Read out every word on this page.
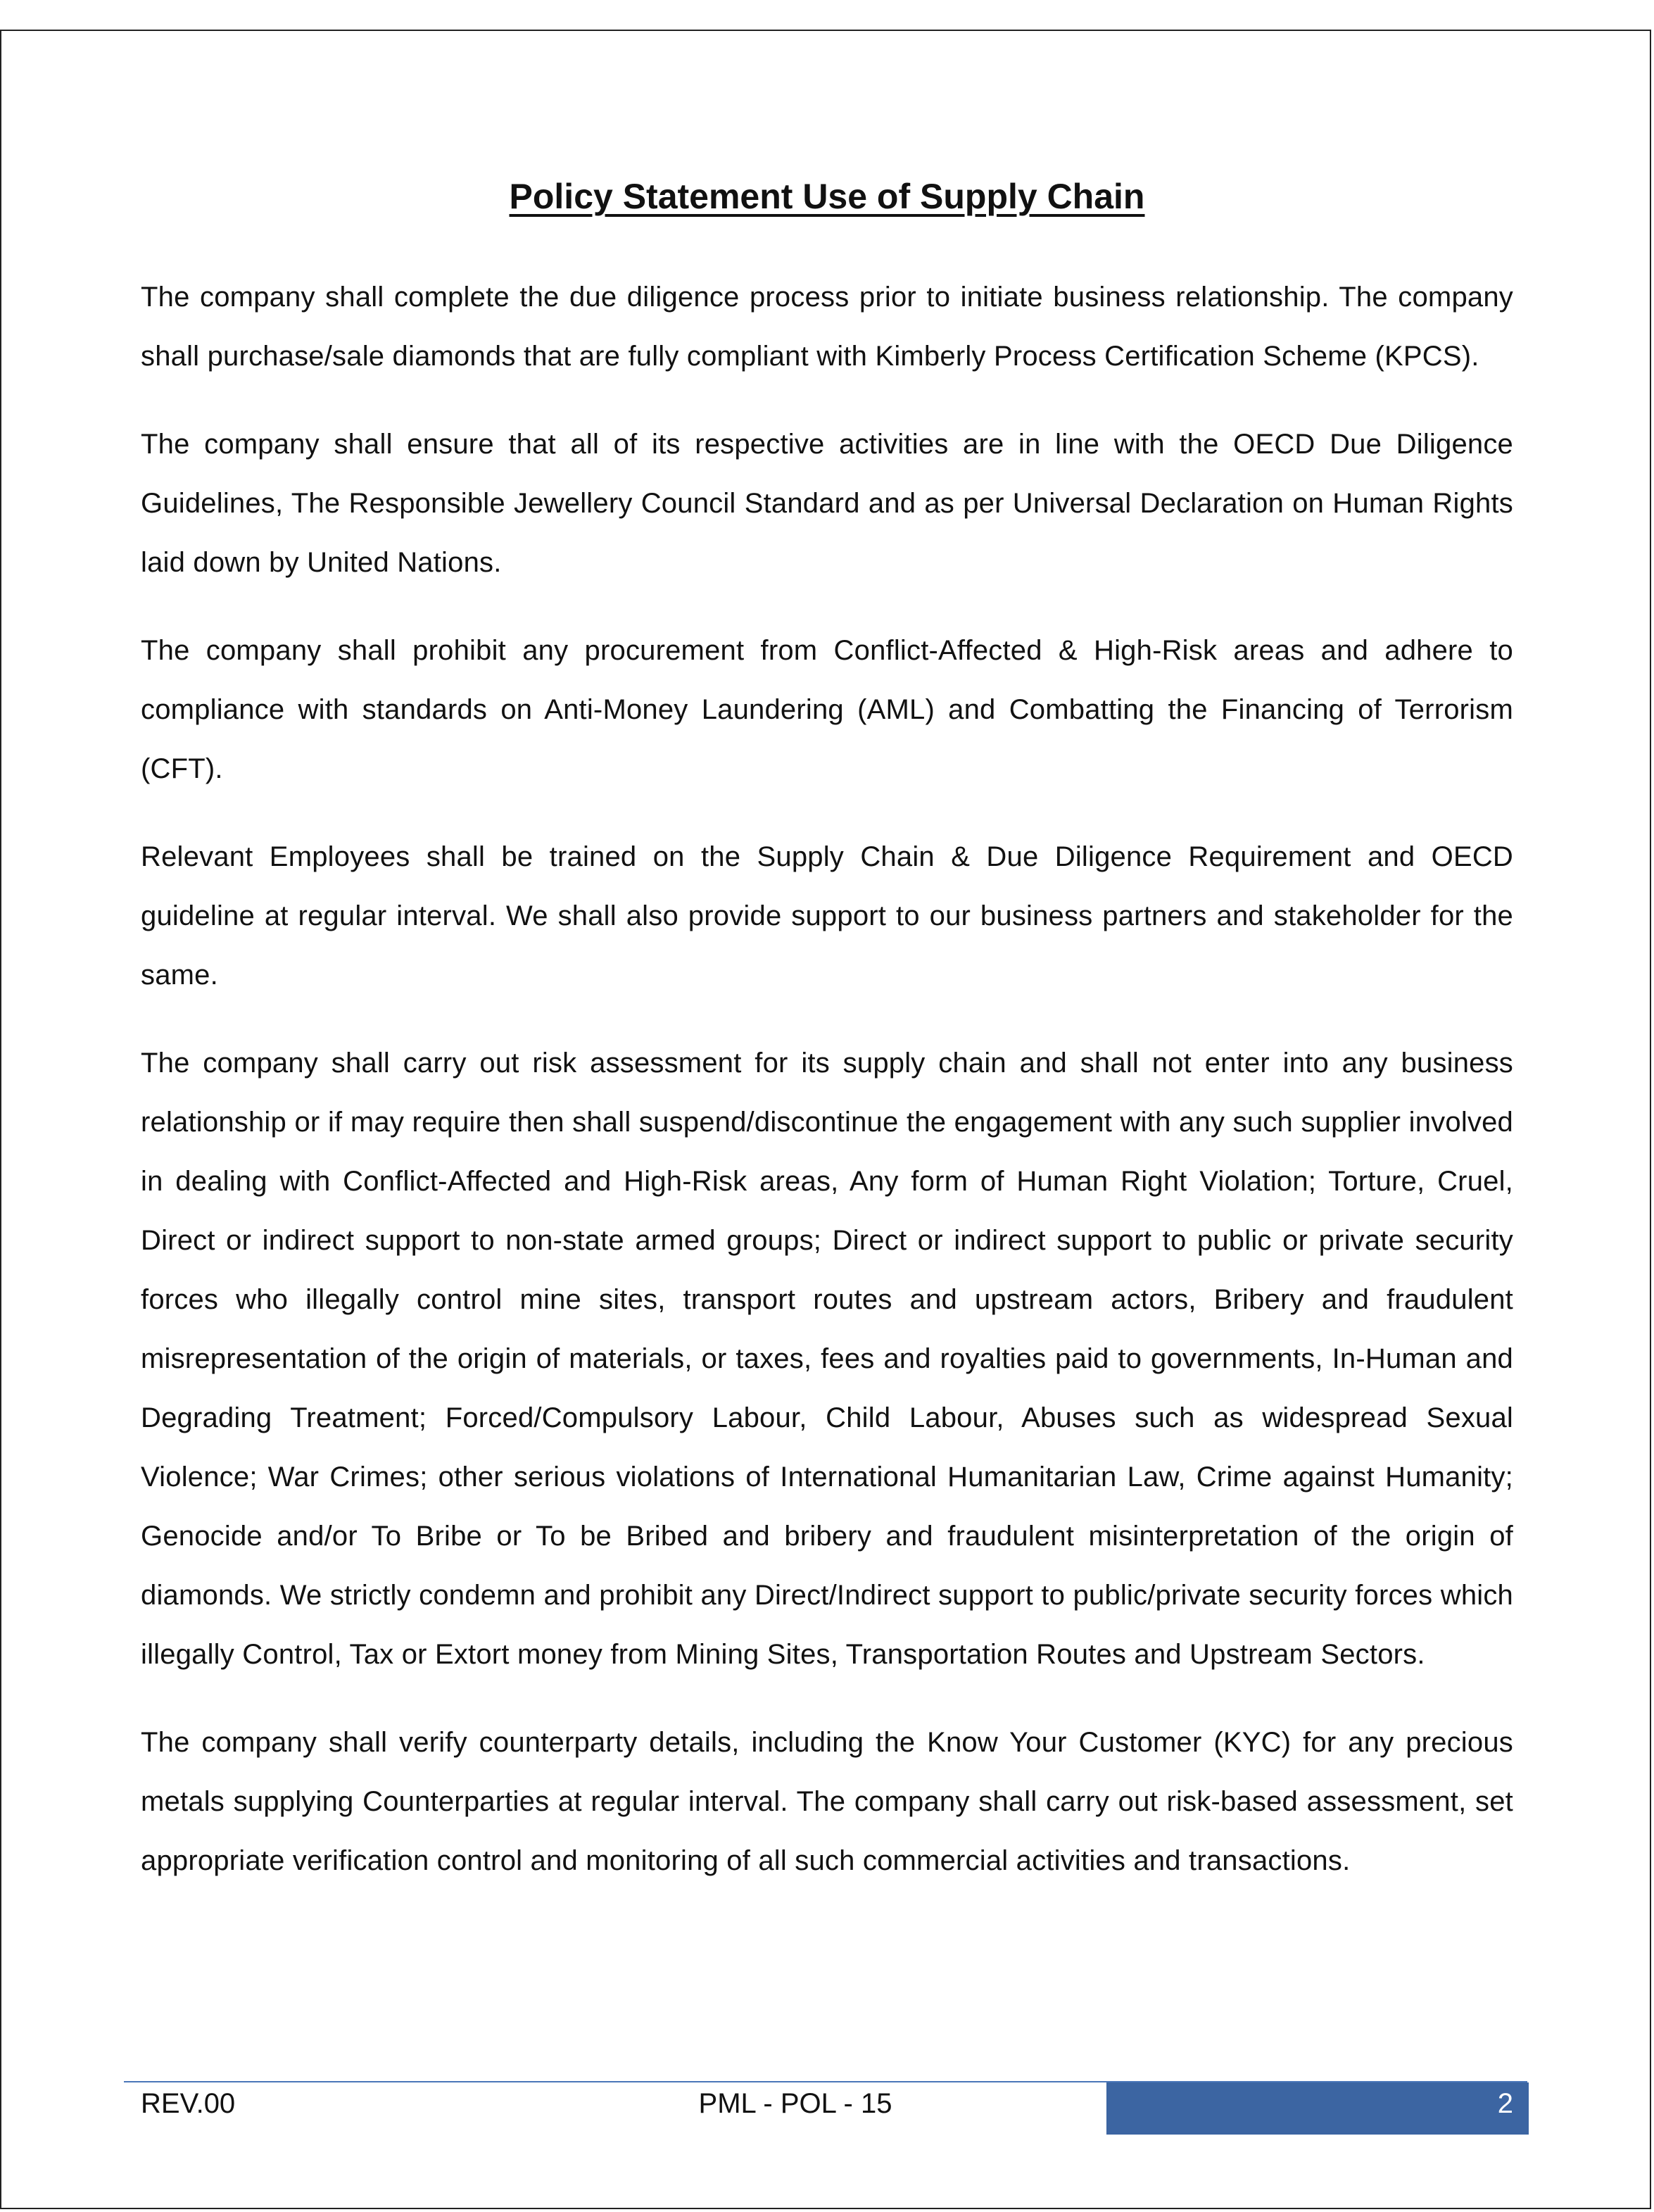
Policy Statement Use of Supply Chain

The company shall complete the due diligence process prior to initiate business relationship. The company shall purchase/sale diamonds that are fully compliant with Kimberly Process Certification Scheme (KPCS).

The company shall ensure that all of its respective activities are in line with the OECD Due Diligence Guidelines, The Responsible Jewellery Council Standard and as per Universal Declaration on Human Rights laid down by United Nations.

The company shall prohibit any procurement from Conflict-Affected & High-Risk areas and adhere to compliance with standards on Anti-Money Laundering (AML) and Combatting the Financing of Terrorism (CFT).

Relevant Employees shall be trained on the Supply Chain & Due Diligence Requirement and OECD guideline at regular interval. We shall also provide support to our business partners and stakeholder for the same.

The company shall carry out risk assessment for its supply chain and shall not enter into any business relationship or if may require then shall suspend/discontinue the engagement with any such supplier involved in dealing with Conflict-Affected and High-Risk areas, Any form of Human Right Violation; Torture, Cruel, Direct or indirect support to non-state armed groups; Direct or indirect support to public or private security forces who illegally control mine sites, transport routes and upstream actors, Bribery and fraudulent misrepresentation of the origin of materials, or taxes, fees and royalties paid to governments, In-Human and Degrading Treatment; Forced/Compulsory Labour, Child Labour, Abuses such as widespread Sexual Violence; War Crimes; other serious violations of International Humanitarian Law, Crime against Humanity; Genocide and/or To Bribe or To be Bribed and bribery and fraudulent misinterpretation of the origin of diamonds. We strictly condemn and prohibit any Direct/Indirect support to public/private security forces which illegally Control, Tax or Extort money from Mining Sites, Transportation Routes and Upstream Sectors.

The company shall verify counterparty details, including the Know Your Customer (KYC) for any precious metals supplying Counterparties at regular interval. The company shall carry out risk-based assessment, set appropriate verification control and monitoring of all such commercial activities and transactions.

REV.00	PML - POL - 15	2
